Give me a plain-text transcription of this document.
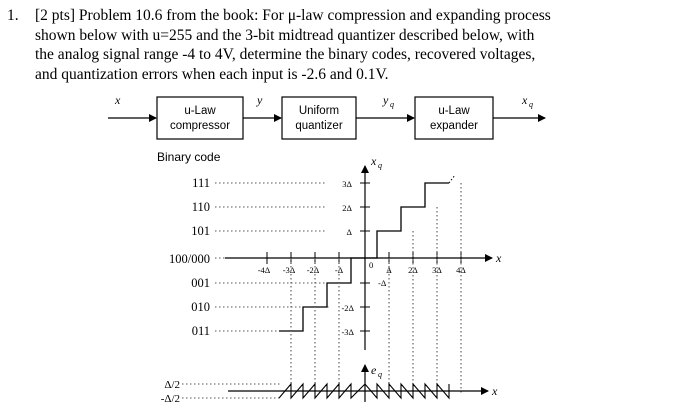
1. [2 pts] Problem 10.6 from the book: For μ-law compression and expanding process
shown below with u=255 and the 3-bit midtread quantizer described below, with
the analog signal range -4 to 4V, determine the binary codes, recovered voltages,
and quantization errors when each input is -2.6 and 0.1V.
u-Law
compressor
Uniform
quantizer
u-Law
expander
x	y	y q	x q
Binary code
111
110
101
100/000
001
010
011
x q
3Δ
2Δ
Δ
-Δ
-2Δ
-3Δ
x
0
-4Δ -3Δ -2Δ -Δ	Δ 2Δ 3Δ 4Δ
e q
x
Δ/2
-Δ/2
